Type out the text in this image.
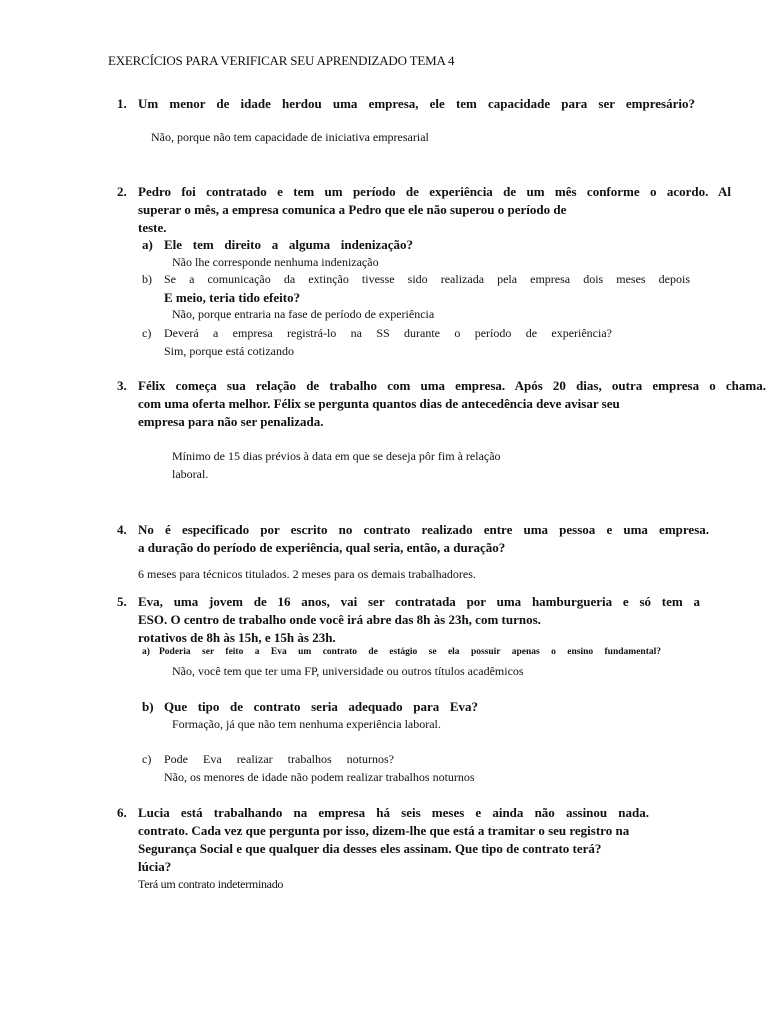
EXERCÍCIOS PARA VERIFICAR SEU APRENDIZADO TEMA 4
1. Um menor de idade herdou uma empresa, ele tem capacidade para ser empresário?
Não, porque não tem capacidade de iniciativa empresarial
2. Pedro foi contratado e tem um período de experiência de um mês conforme o acordo. Al
superar o mês, a empresa comunica a Pedro que ele não superou o período de
teste.
a) Ele tem direito a alguma indenização?
Não lhe corresponde nenhuma indenização
b) Se a comunicação da extinção tivesse sido realizada pela empresa dois meses depois
E meio, teria tido efeito?
Não, porque entraria na fase de período de experiência
c) Deverá a empresa registrá-lo na SS durante o período de experiência?
Sim, porque está cotizando
3. Félix começa sua relação de trabalho com uma empresa. Após 20 dias, outra empresa o chama.
com uma oferta melhor. Félix se pergunta quantos dias de antecedência deve avisar seu
empresa para não ser penalizada.
Mínimo de 15 dias prévios à data em que se deseja pôr fim à relação
laboral.
4. No é especificado por escrito no contrato realizado entre uma pessoa e uma empresa.
a duração do período de experiência, qual seria, então, a duração?
6 meses para técnicos titulados. 2 meses para os demais trabalhadores.
5. Eva, uma jovem de 16 anos, vai ser contratada por uma hamburgueria e só tem a
ESO. O centro de trabalho onde você irá abre das 8h às 23h, com turnos.
rotativos de 8h às 15h, e 15h às 23h.
a) Poderia ser feito a Eva um contrato de estágio se ela possuir apenas o ensino fundamental?
Não, você tem que ter uma FP, universidade ou outros títulos acadêmicos
b) Que tipo de contrato seria adequado para Eva?
Formação, já que não tem nenhuma experiência laboral.
c) Pode Eva realizar trabalhos noturnos?
Não, os menores de idade não podem realizar trabalhos noturnos
6. Lucia está trabalhando na empresa há seis meses e ainda não assinou nada.
contrato. Cada vez que pergunta por isso, dizem-lhe que está a tramitar o seu registro na
Segurança Social e que qualquer dia desses eles assinam. Que tipo de contrato terá?
lúcia?
Terá um contrato indeterminado
